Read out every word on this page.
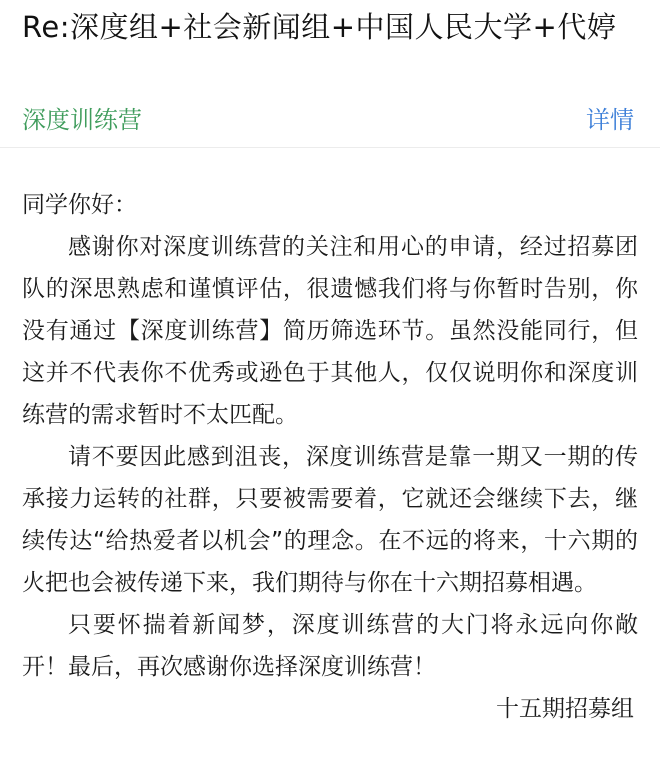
Re:深度组+社会新闻组+中国人民大学+代婷
深度训练营	详情

同学你好：

感谢你对深度训练营的关注和用心的申请，经过招募团队的深思熟虑和谨慎评估，很遗憾我们将与你暂时告别，你没有通过【深度训练营】简历筛选环节。虽然没能同行，但这并不代表你不优秀或逊色于其他人，仅仅说明你和深度训练营的需求暂时不太匹配。

请不要因此感到沮丧，深度训练营是靠一期又一期的传承接力运转的社群，只要被需要着，它就还会继续下去，继续传达“给热爱者以机会”的理念。在不远的将来，十六期的火把也会被传递下来，我们期待与你在十六期招募相遇。

只要怀揣着新闻梦，深度训练营的大门将永远向你敞开！最后，再次感谢你选择深度训练营！

十五期招募组
